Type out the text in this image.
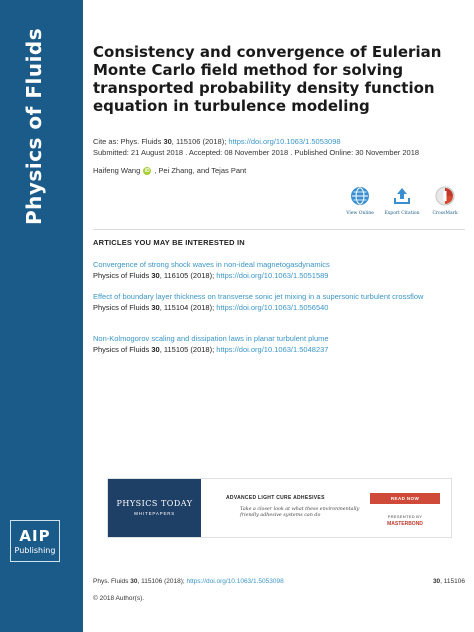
Physics of Fluids
AIP
Publishing
Consistency and convergence of Eulerian Monte Carlo field method for solving transported probability density function equation in turbulence modeling
Cite as: Phys. Fluids 30, 115106 (2018); https://doi.org/10.1063/1.5053098
Submitted: 21 August 2018 . Accepted: 08 November 2018 . Published Online: 30 November 2018
Haifeng Wang iD , Pei Zhang, and Tejas Pant
View Online	Export Citation	CrossMark
ARTICLES YOU MAY BE INTERESTED IN
Convergence of strong shock waves in non-ideal magnetogasdynamics
Physics of Fluids 30, 116105 (2018); https://doi.org/10.1063/1.5051589
Effect of boundary layer thickness on transverse sonic jet mixing in a supersonic turbulent crossflow
Physics of Fluids 30, 115104 (2018); https://doi.org/10.1063/1.5056540
Non-Kolmogorov scaling and dissipation laws in planar turbulent plume
Physics of Fluids 30, 115105 (2018); https://doi.org/10.1063/1.5048237
PHYSICS TODAY
WHITEPAPERS
ADVANCED LIGHT CURE ADHESIVES
Take a closer look at what these environmentally friendly adhesive systems can do
READ NOW
PRESENTED BY
MASTERBOND
Phys. Fluids 30, 115106 (2018); https://doi.org/10.1063/1.5053098	30, 115106
© 2018 Author(s).
